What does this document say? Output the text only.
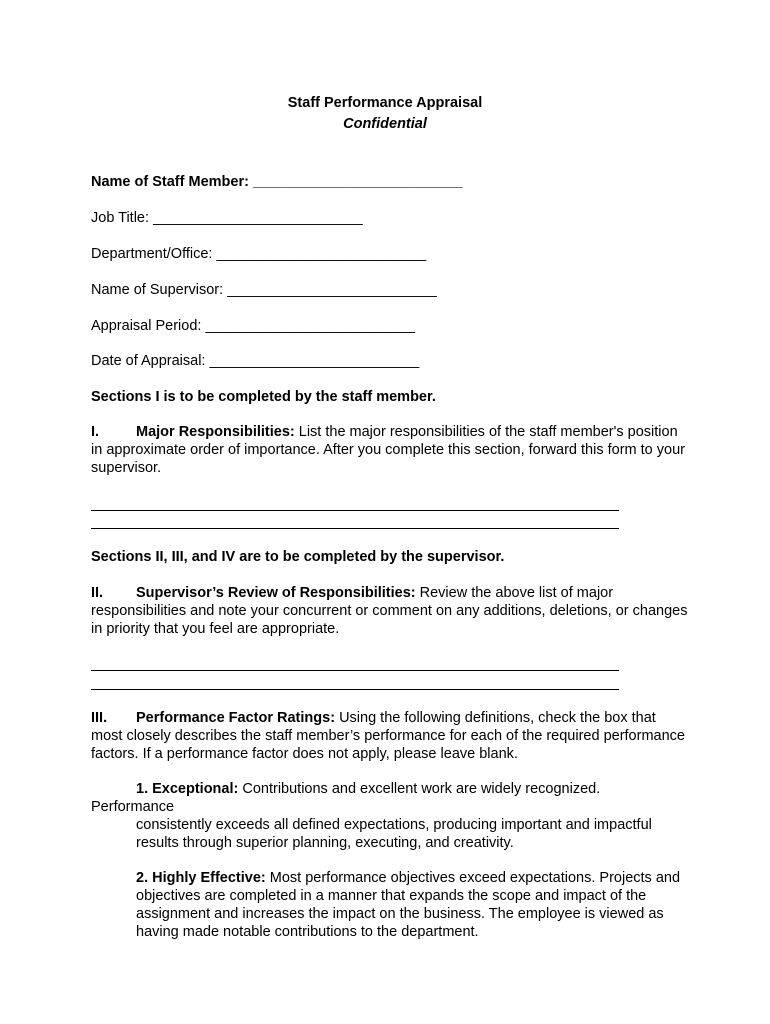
Staff Performance Appraisal
Confidential
Name of Staff Member: __________________________
Job Title: __________________________
Department/Office: __________________________
Name of Supervisor: __________________________
Appraisal Period: __________________________
Date of Appraisal: __________________________
Sections I is to be completed by the staff member.
I.	Major Responsibilities: List the major responsibilities of the staff member's position in approximate order of importance. After you complete this section, forward this form to your supervisor.
Sections II, III, and IV are to be completed by the supervisor.
II. Supervisor’s Review of Responsibilities: Review the above list of major responsibilities and note your concurrent or comment on any additions, deletions, or changes in priority that you feel are appropriate.
III. Performance Factor Ratings: Using the following definitions, check the box that most closely describes the staff member’s performance for each of the required performance factors. If a performance factor does not apply, please leave blank.
1. Exceptional: Contributions and excellent work are widely recognized.
Performance
consistently exceeds all defined expectations, producing important and impactful results through superior planning, executing, and creativity.
2. Highly Effective: Most performance objectives exceed expectations. Projects and objectives are completed in a manner that expands the scope and impact of the assignment and increases the impact on the business. The employee is viewed as having made notable contributions to the department.
